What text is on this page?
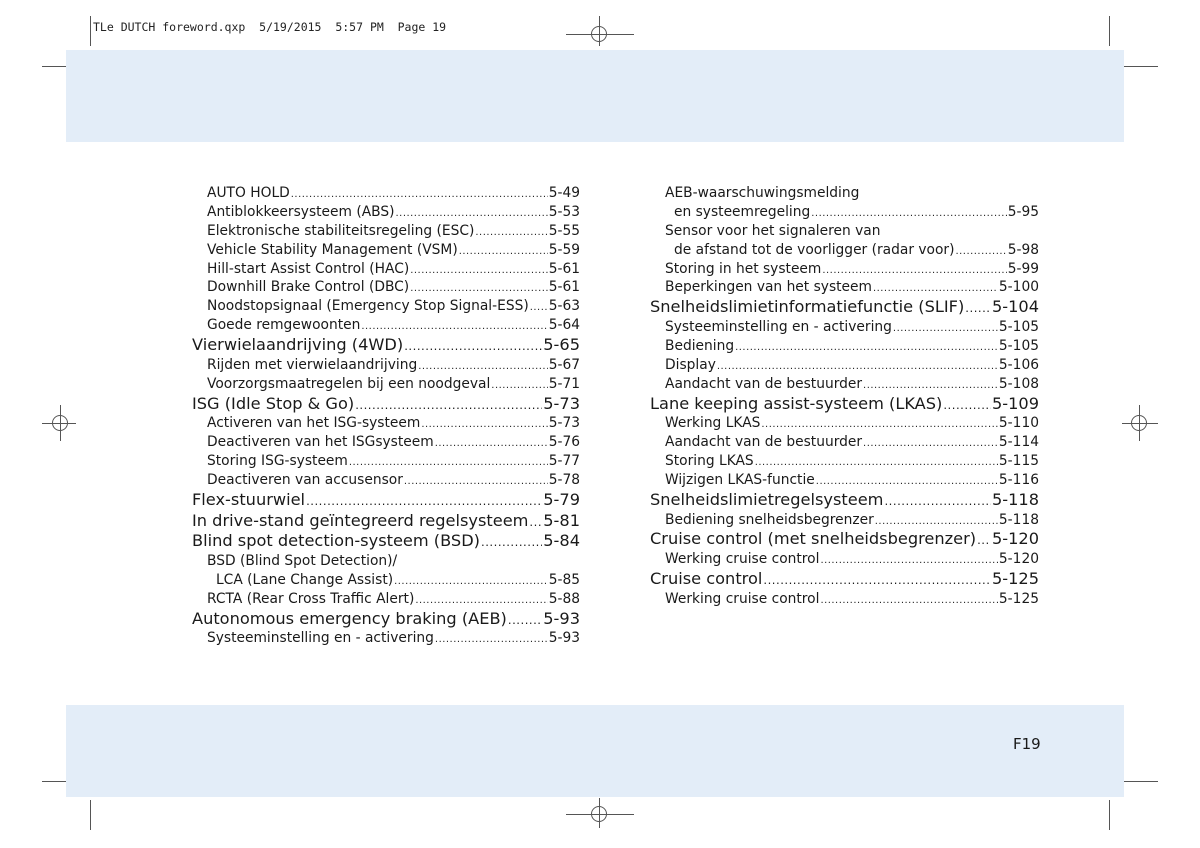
TLe DUTCH foreword.qxp  5/19/2015  5:57 PM  Page 19
F19
AUTO HOLD .....	5-49
Antiblokkeersysteem (ABS) .....	5-53
Elektronische stabiliteitsregeling (ESC) .....	5-55
Vehicle Stability Management (VSM) .....	5-59
Hill-start Assist Control (HAC) .....	5-61
Downhill Brake Control (DBC) .....	5-61
Noodstopsignaal (Emergency Stop Signal-ESS) ..... 5-63
Goede remgewoonten .....	5-64
Vierwielaandrijving (4WD) .....	5-65
Rijden met vierwielaandrijving .....	5-67
Voorzorgsmaatregelen bij een noodgeval .....	5-71
ISG (Idle Stop & Go) .....	5-73
Activeren van het ISG-systeem .....	5-73
Deactiveren van het ISGsysteem .....	5-76
Storing ISG-systeem .....	5-77
Deactiveren van accusensor .....	5-78
Flex-stuurwiel .....	5-79
In drive-stand geïntegreerd regelsysteem ..... 5-81
Blind spot detection-systeem (BSD) .....	5-84
BSD (Blind Spot Detection)/
LCA (Lane Change Assist) .....	5-85
RCTA (Rear Cross Traffic Alert) .....	5-88
Autonomous emergency braking (AEB) ..... 5-93
Systeeminstelling en - activering .....	5-93
AEB-waarschuwingsmelding
en systeemregeling .....	5-95
Sensor voor het signaleren van
de afstand tot de voorligger (radar voor) .....	5-98
Storing in het systeem .....	5-99
Beperkingen van het systeem .....	5-100
Snelheidslimietinformatiefunctie (SLIF) ..... 5-104
Systeeminstelling en - activering .....	5-105
Bediening .....	5-105
Display .....	5-106
Aandacht van de bestuurder .....	5-108
Lane keeping assist-systeem (LKAS) .....	5-109
Werking LKAS .....	5-110
Aandacht van de bestuurder .....	5-114
Storing LKAS .....	5-115
Wijzigen LKAS-functie .....	5-116
Snelheidslimietregelsysteem .....	5-118
Bediening snelheidsbegrenzer .....	5-118
Cruise control (met snelheidsbegrenzer) ..... 5-120
Werking cruise control .....	5-120
Cruise control .....	5-125
Werking cruise control .....	5-125
